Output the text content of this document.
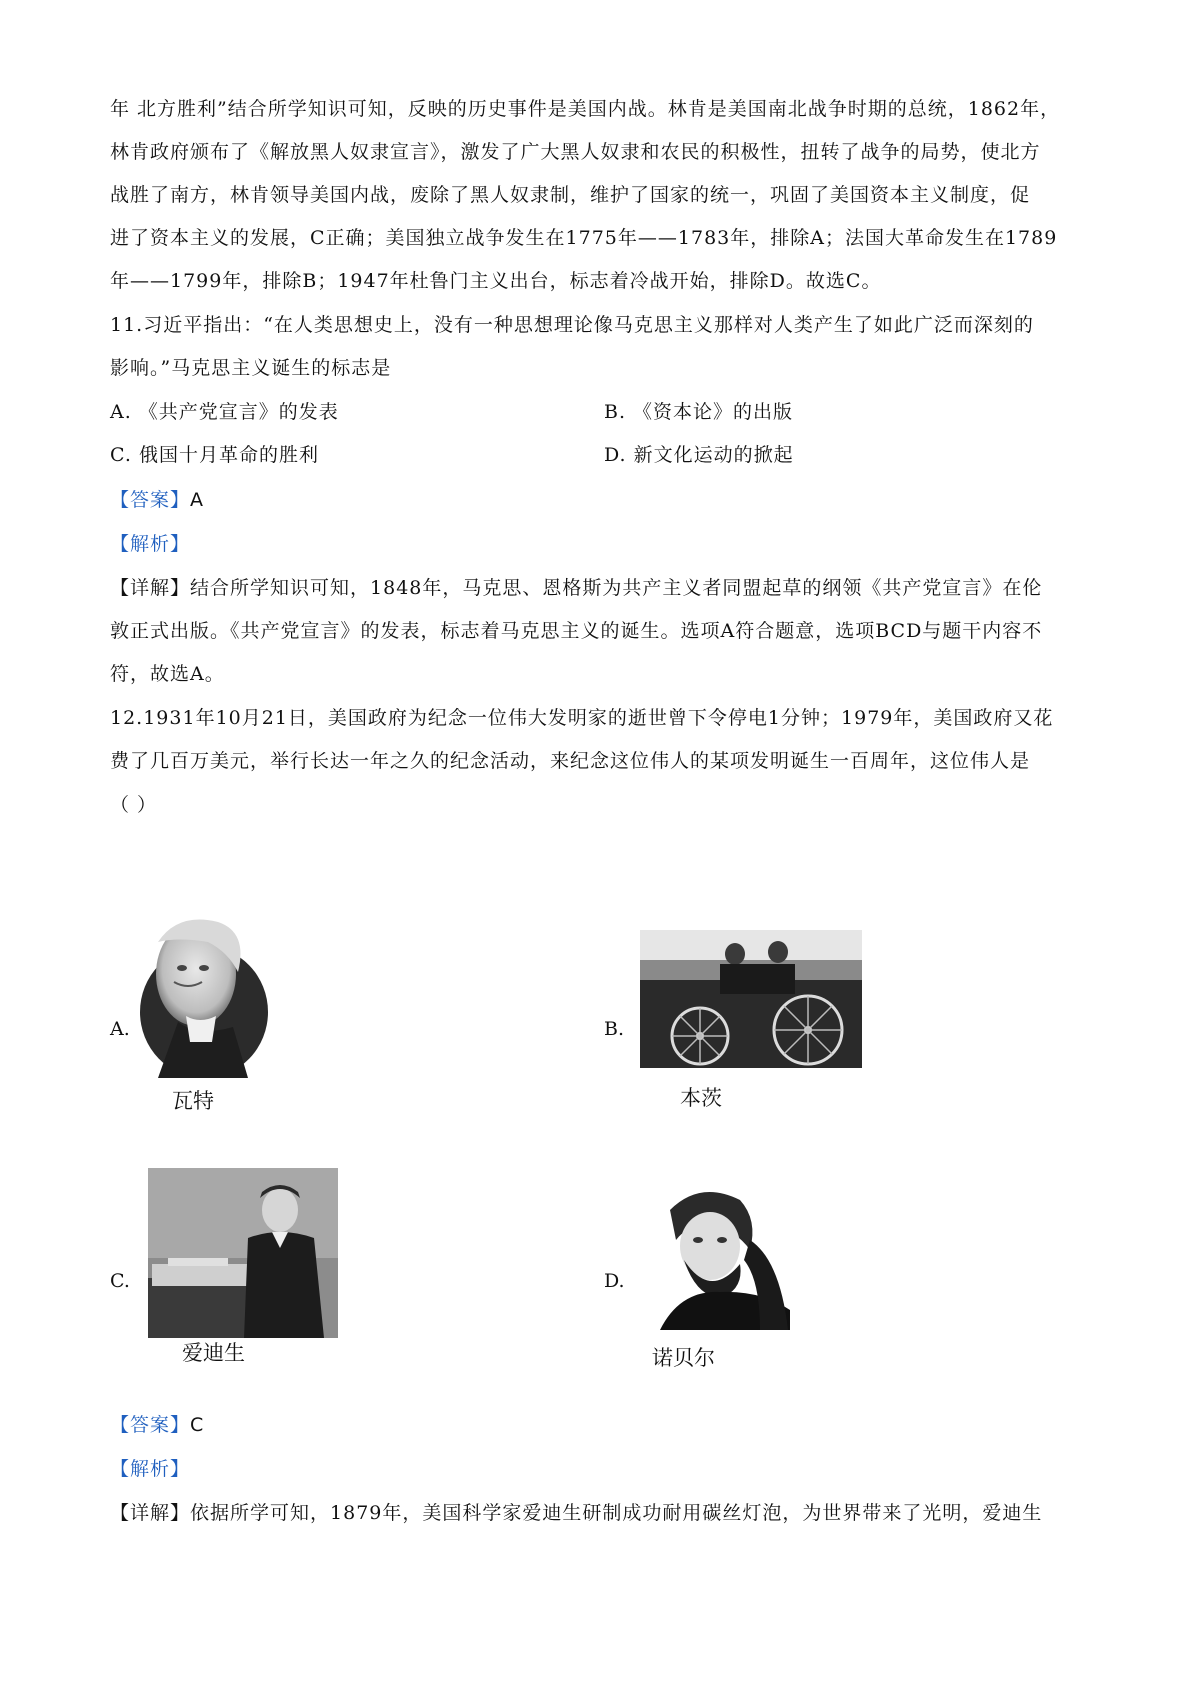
年 北方胜利”结合所学知识可知，反映的历史事件是美国内战。林肯是美国南北战争时期的总统，1862年，
林肯政府颁布了《解放黑人奴隶宣言》，激发了广大黑人奴隶和农民的积极性，扭转了战争的局势，使北方
战胜了南方，林肯领导美国内战，废除了黑人奴隶制，维护了国家的统一，巩固了美国资本主义制度，促
进了资本主义的发展，C正确；美国独立战争发生在1775年——1783年，排除A；法国大革命发生在1789
年——1799年，排除B；1947年杜鲁门主义出台，标志着冷战开始，排除D。故选C。
11.习近平指出：“在人类思想史上，没有一种思想理论像马克思主义那样对人类产生了如此广泛而深刻的
影响。”马克思主义诞生的标志是
A. 《共产党宣言》的发表	B. 《资本论》的出版
C. 俄国十月革命的胜利	D. 新文化运动的掀起
【答案】A
【解析】
【详解】结合所学知识可知，1848年，马克思、恩格斯为共产主义者同盟起草的纲领《共产党宣言》在伦
敦正式出版。《共产党宣言》的发表，标志着马克思主义的诞生。选项A符合题意，选项BCD与题干内容不
符，故选A。
12.1931年10月21日，美国政府为纪念一位伟大发明家的逝世曾下令停电1分钟；1979年，美国政府又花
费了几百万美元，举行长达一年之久的纪念活动，来纪念这位伟人的某项发明诞生一百周年，这位伟人是
（ ）
A.
瓦特
B.
本茨
C.
爱迪生
D.
诺贝尔
【答案】C
【解析】
【详解】依据所学可知，1879年，美国科学家爱迪生研制成功耐用碳丝灯泡，为世界带来了光明，爱迪生
